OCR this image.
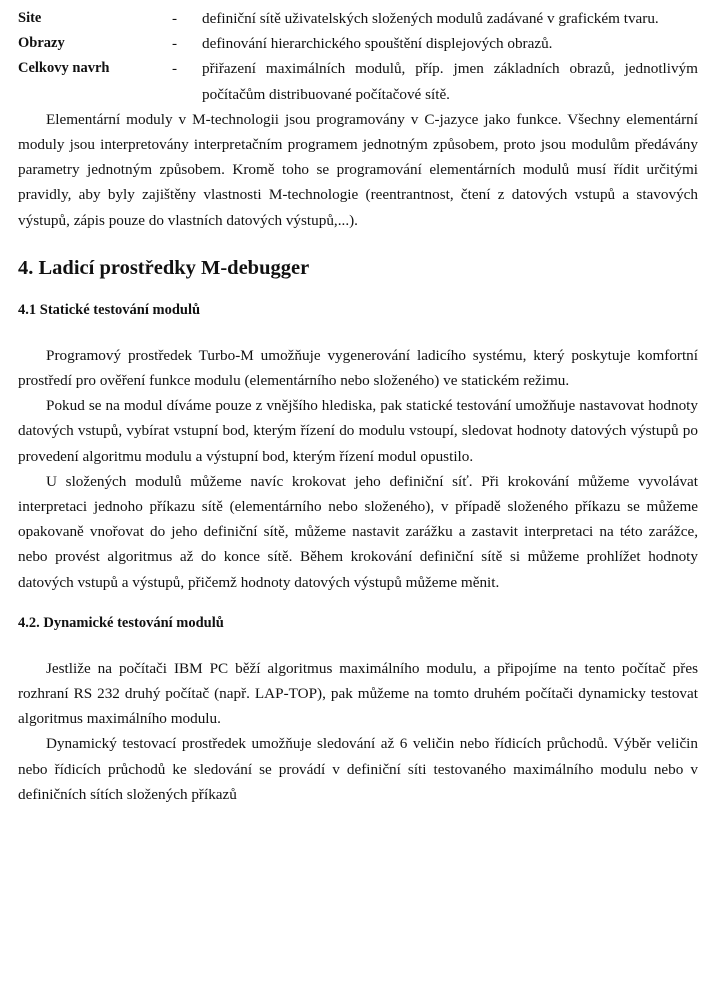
Site	-	definiční sítě uživatelských složených modulů zadávané v grafickém tvaru.
Obrazy	-	definování hierarchického spouštění displejových obrazů.
Celkovy navrh	-	přiřazení maximálních modulů, příp. jmen základních obrazů, jednotlivým počítačům distribuované počítačové sítě.

Elementární moduly v M-technologii jsou programovány v C-jazyce jako funkce. Všechny elementární moduly jsou interpretovány interpretačním programem jednotným způsobem, proto jsou modulům předávány parametry jednotným způsobem. Kromě toho se programování elementárních modulů musí řídit určitými pravidly, aby byly zajištěny vlastnosti M-technologie (reentrantnost, čtení z datových vstupů a stavových výstupů, zápis pouze do vlastních datových výstupů,...).

4. Ladicí prostředky M-debugger
4.1 Statické testování modulů

Programový prostředek Turbo-M umožňuje vygenerování ladicího systému, který poskytuje komfortní prostředí pro ověření funkce modulu (elementárního nebo složeného) ve statickém režimu.

Pokud se na modul díváme pouze z vnějšího hlediska, pak statické testování umožňuje nastavovat hodnoty datových vstupů, vybírat vstupní bod, kterým řízení do modulu vstoupí, sledovat hodnoty datových výstupů po provedení algoritmu modulu a výstupní bod, kterým řízení modul opustilo.

U složených modulů můžeme navíc krokovat jeho definiční síť. Při krokování můžeme vyvolávat interpretaci jednoho příkazu sítě (elementárního nebo složeného), v případě složeného příkazu se můžeme opakovaně vnořovat do jeho definiční sítě, můžeme nastavit zarážku a zastavit interpretaci na této zarážce, nebo provést algoritmus až do konce sítě. Během krokování definiční sítě si můžeme prohlížet hodnoty datových vstupů a výstupů, přičemž hodnoty datových výstupů můžeme měnit.

4.2. Dynamické testování modulů

Jestliže na počítači IBM PC běží algoritmus maximálního modulu, a připojíme na tento počítač přes rozhraní RS 232 druhý počítač (např. LAP-TOP), pak můžeme na tomto druhém počítači dynamicky testovat algoritmus maximálního modulu.

Dynamický testovací prostředek umožňuje sledování až 6 veličin nebo řídicích průchodů. Výběr veličin nebo řídicích průchodů ke sledování se provádí v definiční síti testovaného maximálního modulu nebo v definičních sítích složených příkazů
